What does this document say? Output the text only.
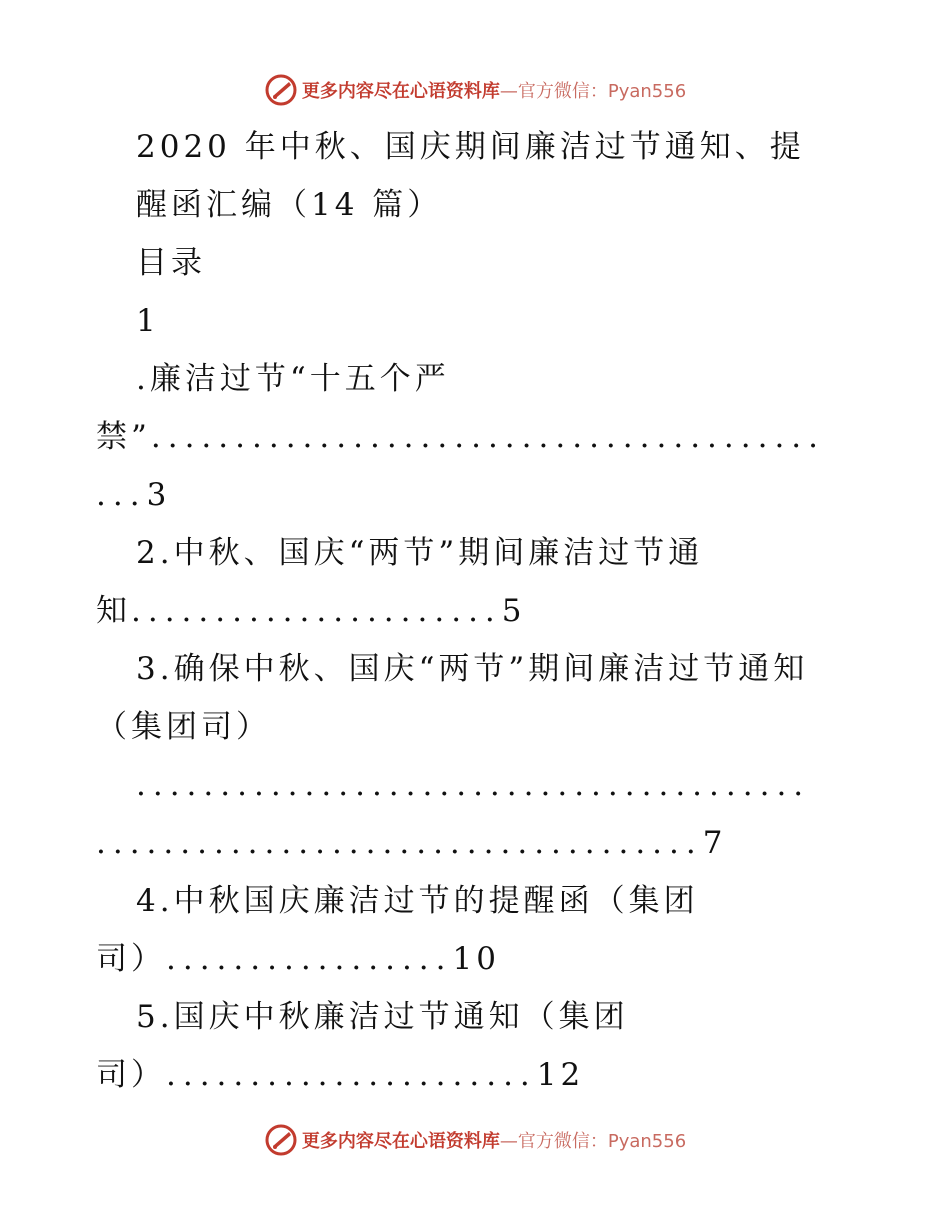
更多内容尽在心语资料库 —官方微信：Pyan556
2020 年中秋、国庆期间廉洁过节通知、提
醒函汇编（14 篇）
目录
1
.廉洁过节“十五个严
禁”........................................
...3
2.中秋、国庆“两节”期间廉洁过节通
知......................5
3.确保中秋、国庆“两节”期间廉洁过节通知
（集团司）
........................................
....................................7
4.中秋国庆廉洁过节的提醒函（集团
司）.................10
5.国庆中秋廉洁过节通知（集团
司）......................12
更多内容尽在心语资料库 —官方微信：Pyan556
